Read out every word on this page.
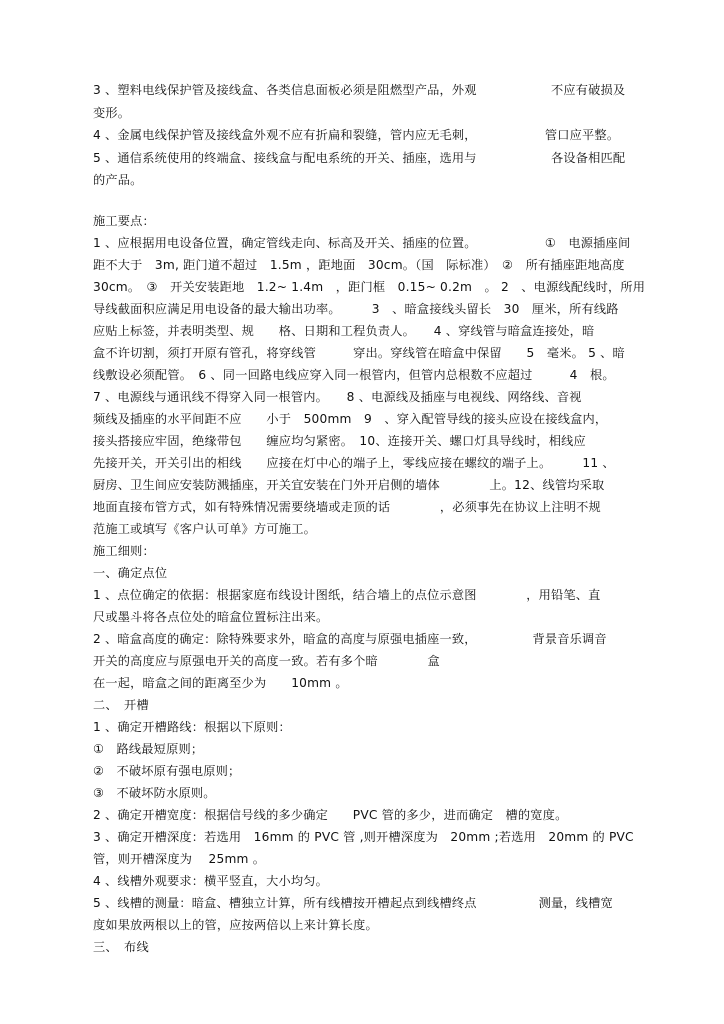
3 、塑料电线保护管及接线盒、各类信息面板必须是阻燃型产品，外观　　　　　　不应有破损及
变形。
4 、金属电线保护管及接线盒外观不应有折扁和裂缝，管内应无毛刺，　　　　　　管口应平整。
5 、通信系统使用的终端盒、接线盒与配电系统的开关、插座，选用与　　　　　　各设备相匹配
的产品。
施工要点：
1 、应根据用电设备位置，确定管线走向、标高及开关、插座的位置。　　　　　　①　电源插座间
距不大于　3m, 距门道不超过　1.5m ，距地面　30cm。（国　际标准）　②　所有插座距地高度
30cm。　③　开关安装距地　1.2~ 1.4m　，距门框　0.15~ 0.2m　。 2　、电源线配线时，所用
导线截面积应满足用电设备的最大输出功率。　　　3　、暗盒接线头留长　30　厘米，所有线路
应贴上标签，并表明类型、规　　格、日期和工程负责人。　　4 、穿线管与暗盒连接处，暗
盒不许切割，须打开原有管孔，将穿线管　　　穿出。穿线管在暗盒中保留　　5　毫米。 5 、暗
线敷设必须配管。　6 、同一回路电线应穿入同一根管内，但管内总根数不应超过　　　4　根。
7 、电源线与通讯线不得穿入同一根管内。　　8 、电源线及插座与电视线、网络线、音视
频线及插座的水平间距不应　　小于　500mm　9　、穿入配管导线的接头应设在接线盒内，
接头搭接应牢固，绝缘带包　　缠应均匀紧密。　10、连接开关、螺口灯具导线时，相线应
先接开关，开关引出的相线　　应接在灯中心的端子上，零线应接在螺纹的端子上。　　　11 、
厨房、卫生间应安装防溅插座，开关宜安装在门外开启侧的墙体　　　　上。12、线管均采取
地面直接布管方式，如有特殊情况需要绕墙或走顶的话　　　　，必须事先在协议上注明不规
范施工或填写《客户认可单》方可施工。
施工细则：
一、确定点位
1 、点位确定的依据：根据家庭布线设计图纸，结合墙上的点位示意图　　　　，用铅笔、直
尺或墨斗将各点位处的暗盒位置标注出来。
2 、暗盒高度的确定：除特殊要求外，暗盒的高度与原强电插座一致，　　　　　背景音乐调音
开关的高度应与原强电开关的高度一致。若有多个暗　　　　盒
在一起，暗盒之间的距离至少为　　10mm 。
二、　开槽
1 、确定开槽路线：根据以下原则：
①　路线最短原则；
②　不破坏原有强电原则；
③　不破坏防水原则。
2 、确定开槽宽度：根据信号线的多少确定　　PVC 管的多少，进而确定　槽的宽度。
3 、确定开槽深度：若选用　16mm 的 PVC 管 ,则开槽深度为　20mm ;若选用　20mm 的 PVC
管，则开槽深度为　 25mm 。
4 、线槽外观要求：横平竖直，大小均匀。
5 、线槽的测量：暗盒、槽独立计算，所有线槽按开槽起点到线槽终点　　　　　测量，线槽宽
度如果放两根以上的管，应按两倍以上来计算长度。
三、　布线
